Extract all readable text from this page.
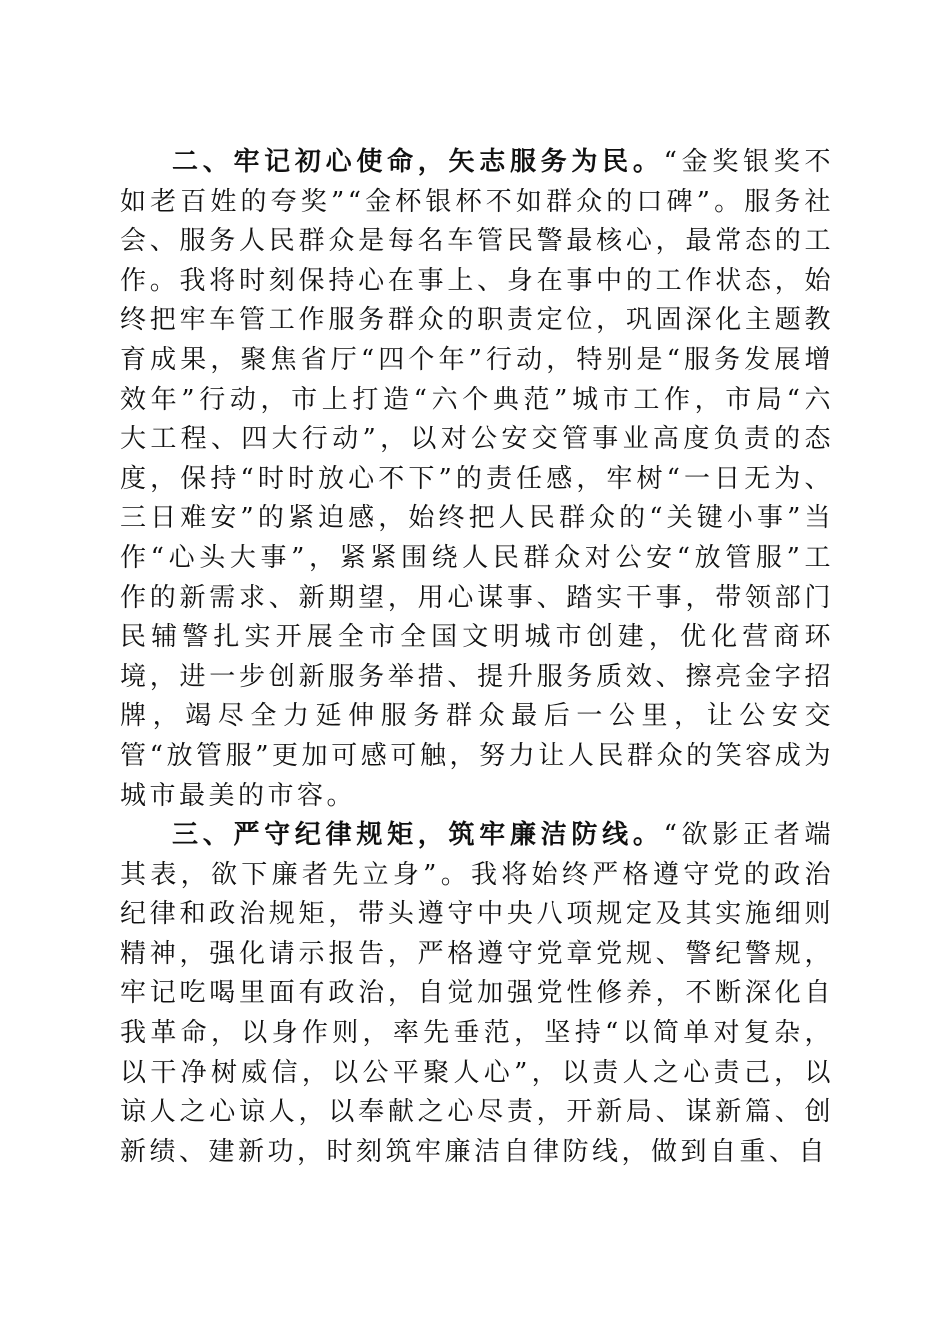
二、牢记初心使命，矢志服务为民。“金奖银奖不如老百姓的夸奖”“金杯银杯不如群众的口碑”。服务社会、服务人民群众是每名车管民警最核心，最常态的工作。我将时刻保持心在事上、身在事中的工作状态，始终把牢车管工作服务群众的职责定位，巩固深化主题教育成果，聚焦省厅“四个年”行动，特别是“服务发展增效年”行动，市上打造“六个典范”城市工作，市局“六大工程、四大行动”，以对公安交管事业高度负责的态度，保持“时时放心不下”的责任感，牢树“一日无为、三日难安”的紧迫感，始终把人民群众的“关键小事”当作“心头大事”，紧紧围绕人民群众对公安“放管服”工作的新需求、新期望，用心谋事、踏实干事，带领部门民辅警扎实开展全市全国文明城市创建，优化营商环境，进一步创新服务举措、提升服务质效、擦亮金字招牌，竭尽全力延伸服务群众最后一公里，让公安交管“放管服”更加可感可触，努力让人民群众的笑容成为城市最美的市容。

三、严守纪律规矩，筑牢廉洁防线。“欲影正者端其表，欲下廉者先立身”。我将始终严格遵守党的政治纪律和政治规矩，带头遵守中央八项规定及其实施细则精神，强化请示报告，严格遵守党章党规、警纪警规，牢记吃喝里面有政治，自觉加强党性修养，不断深化自我革命，以身作则，率先垂范，坚持“以简单对复杂，以干净树威信，以公平聚人心”，以责人之心责己，以谅人之心谅人，以奉献之心尽责，开新局、谋新篇、创新绩、建新功，时刻筑牢廉洁自律防线，做到自重、自
